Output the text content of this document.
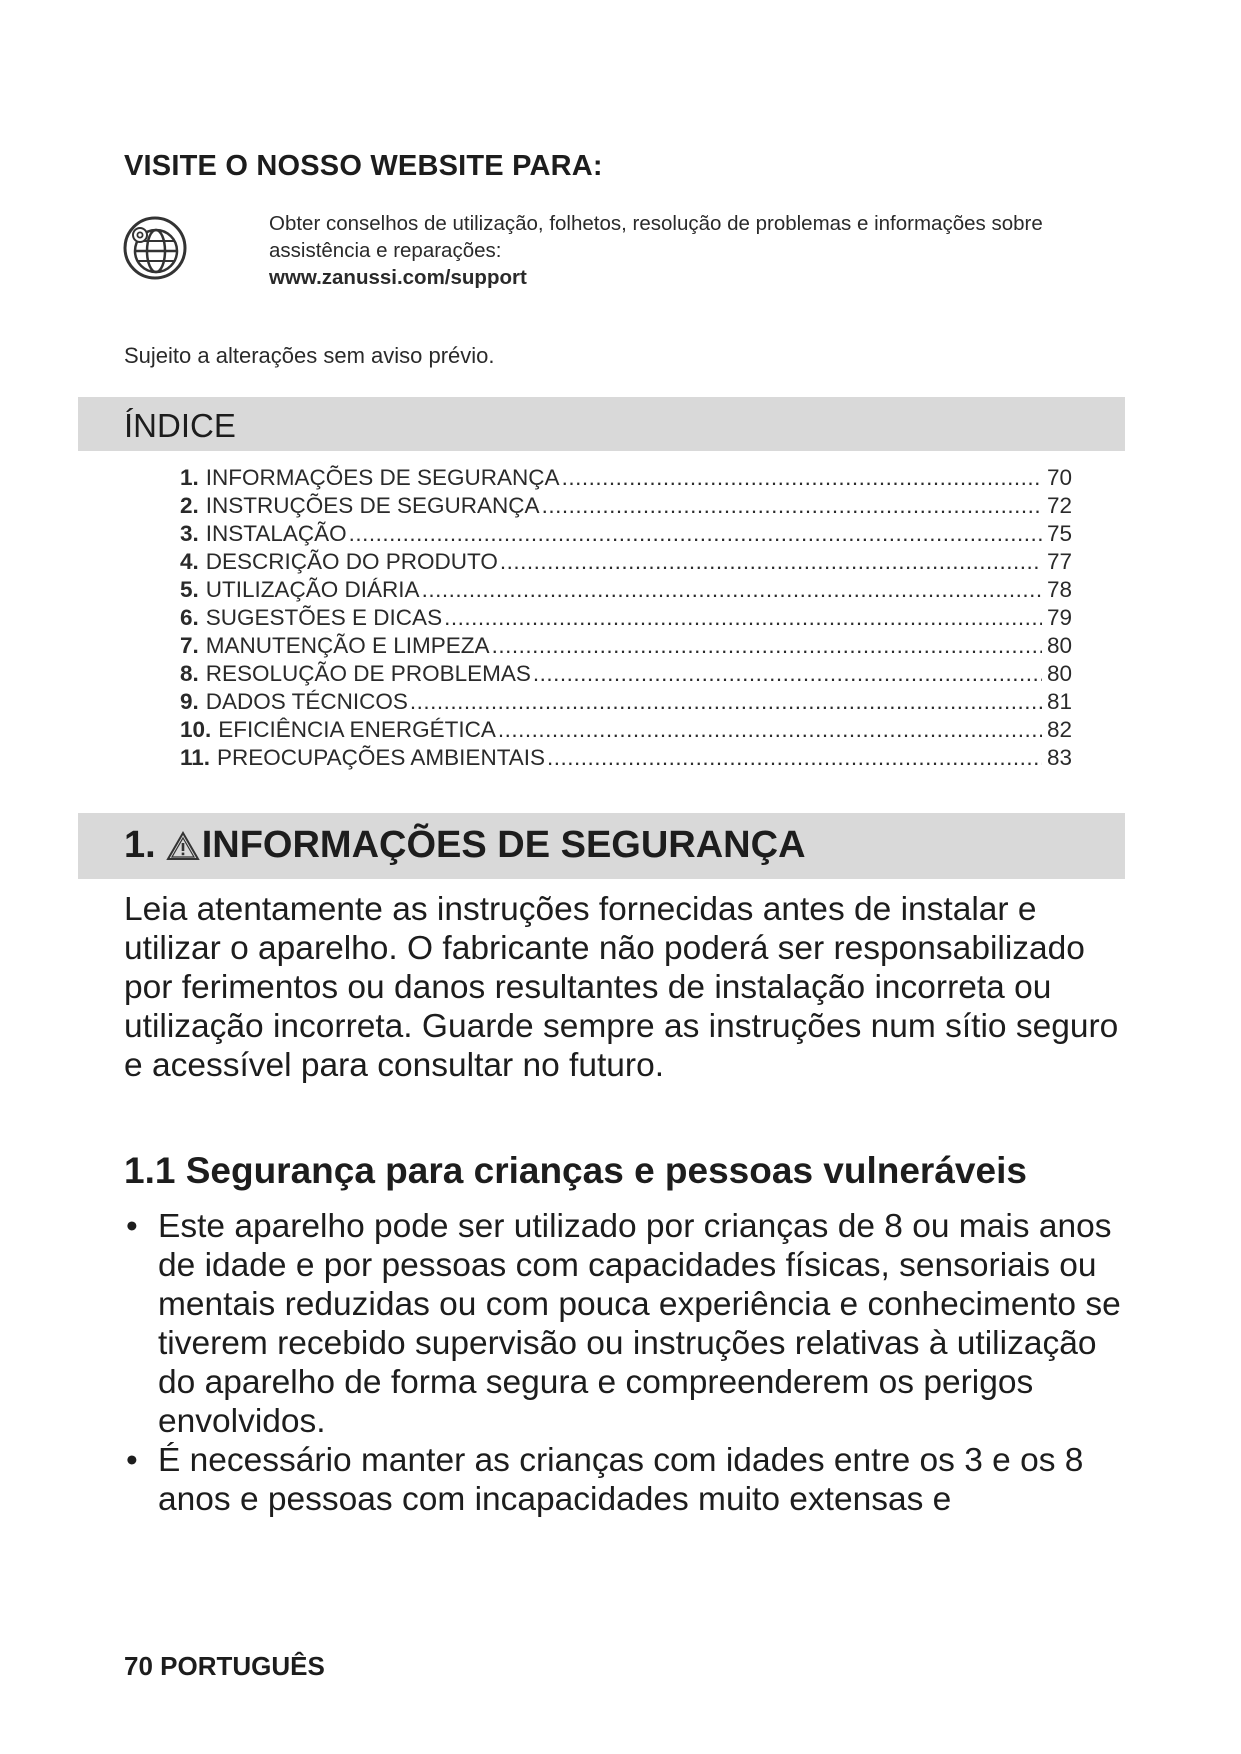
VISITE O NOSSO WEBSITE PARA:
Obter conselhos de utilização, folhetos, resolução de problemas e informações sobre assistência e reparações:
www.zanussi.com/support
Sujeito a alterações sem aviso prévio.
ÍNDICE
1. INFORMAÇÕES DE SEGURANÇA .....	70
2. INSTRUÇÕES DE SEGURANÇA .....	72
3. INSTALAÇÃO .....	75
4. DESCRIÇÃO DO PRODUTO .....	77
5. UTILIZAÇÃO DIÁRIA .....	78
6. SUGESTÕES E DICAS .....	79
7. MANUTENÇÃO E LIMPEZA .....	80
8. RESOLUÇÃO DE PROBLEMAS .....	80
9. DADOS TÉCNICOS .....	81
10. EFICIÊNCIA ENERGÉTICA .....	82
11. PREOCUPAÇÕES AMBIENTAIS .....	83
1. INFORMAÇÕES DE SEGURANÇA

Leia atentamente as instruções fornecidas antes de instalar e utilizar o aparelho. O fabricante não poderá ser responsabilizado por ferimentos ou danos resultantes de instalação incorreta ou utilização incorreta. Guarde sempre as instruções num sítio seguro e acessível para consultar no futuro.

1.1 Segurança para crianças e pessoas vulneráveis
• Este aparelho pode ser utilizado por crianças de 8 ou mais anos de idade e por pessoas com capacidades físicas, sensoriais ou mentais reduzidas ou com pouca experiência e conhecimento se tiverem recebido supervisão ou instruções relativas à utilização do aparelho de forma segura e compreenderem os perigos envolvidos.
• É necessário manter as crianças com idades entre os 3 e os 8 anos e pessoas com incapacidades muito extensas e
70 PORTUGUÊS
